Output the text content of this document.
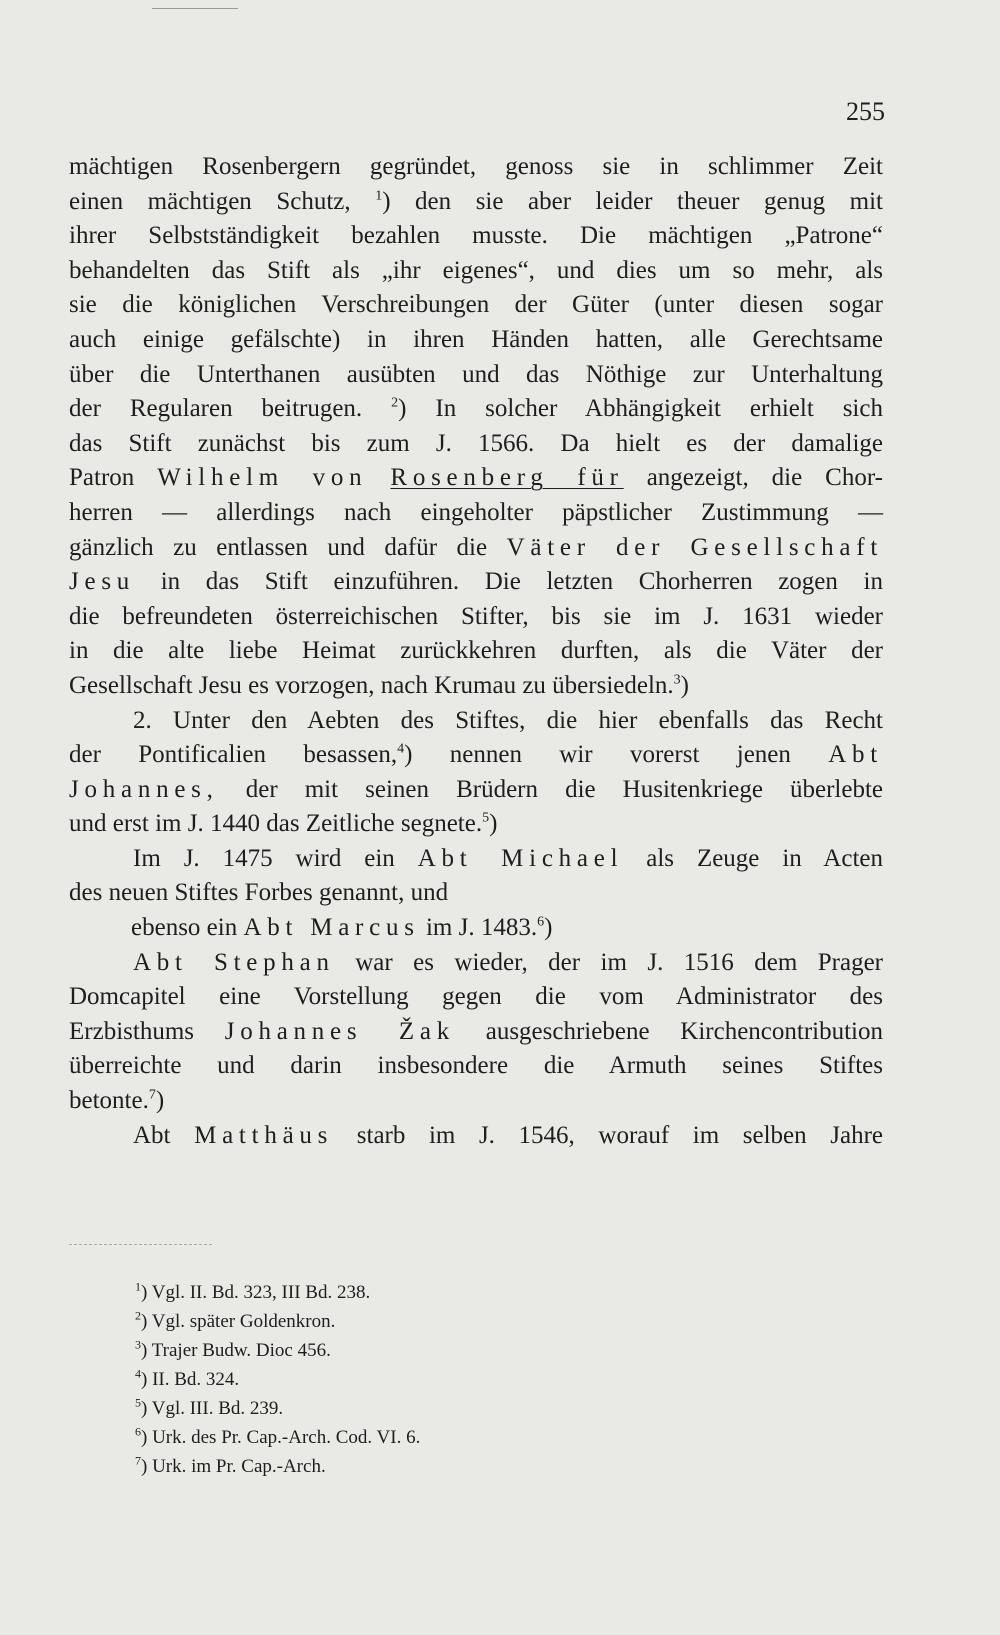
255
mächtigen Rosenbergern gegründet, genoss sie in schlimmer Zeit
einen mächtigen Schutz, $^1$) den sie aber leider theuer genug mit
ihrer Selbstständigkeit bezahlen musste. Die mächtigen „Patrone“
behandelten das Stift als „ihr eigenes“, und dies um so mehr, als
sie die königlichen Verschreibungen der Güter (unter diesen sogar
auch einige gefälschte) in ihren Händen hatten, alle Gerechtsame
über die Unterthanen ausübten und das Nöthige zur Unterhaltung
der Regularen beitrugen. $^2$) In solcher Abhängigkeit erhielt sich
das Stift zunächst bis zum J. 1566. Da hielt es der damalige
Patron Wilhelm von Rosenberg für angezeigt, die Chor-
herren — allerdings nach eingeholter päpstlicher Zustimmung —
gänzlich zu entlassen und dafür die Väter der Gesellschaft
Jesu in das Stift einzuführen. Die letzten Chorherren zogen in
die befreundeten österreichischen Stifter, bis sie im J. 1631 wieder
in die alte liebe Heimat zurückkehren durften, als die Väter der
Gesellschaft Jesu es vorzogen, nach Krumau zu übersiedeln.$^3$)
2. Unter den Aebten des Stiftes, die hier ebenfalls das Recht
der Pontificalien besassen,$^4$) nennen wir vorerst jenen Abt
Johannes, der mit seinen Brüdern die Husitenkriege überlebte
und erst im J. 1440 das Zeitliche segnete.$^5$)
Im J. 1475 wird ein Abt Michael als Zeuge in Acten
des neuen Stiftes Forbes genannt, und
ebenso ein Abt Marcus im J. 1483.$^6$)
Abt Stephan war es wieder, der im J. 1516 dem Prager
Domcapitel eine Vorstellung gegen die vom Administrator des
Erzbisthums Johannes Žak ausgeschriebene Kirchencontribution
überreichte und darin insbesondere die Armuth seines Stiftes
betonte.$^7$)
Abt Matthäus starb im J. 1546, worauf im selben Jahre
$^1$) Vgl. II. Bd. 323, III Bd. 238.
$^2$) Vgl. später Goldenkron.
$^3$) Trajer Budw. Dioc 456.
$^4$) II. Bd. 324.
$^5$) Vgl. III. Bd. 239.
$^6$) Urk. des Pr. Cap.-Arch. Cod. VI. 6.
$^7$) Urk. im Pr. Cap.-Arch.
